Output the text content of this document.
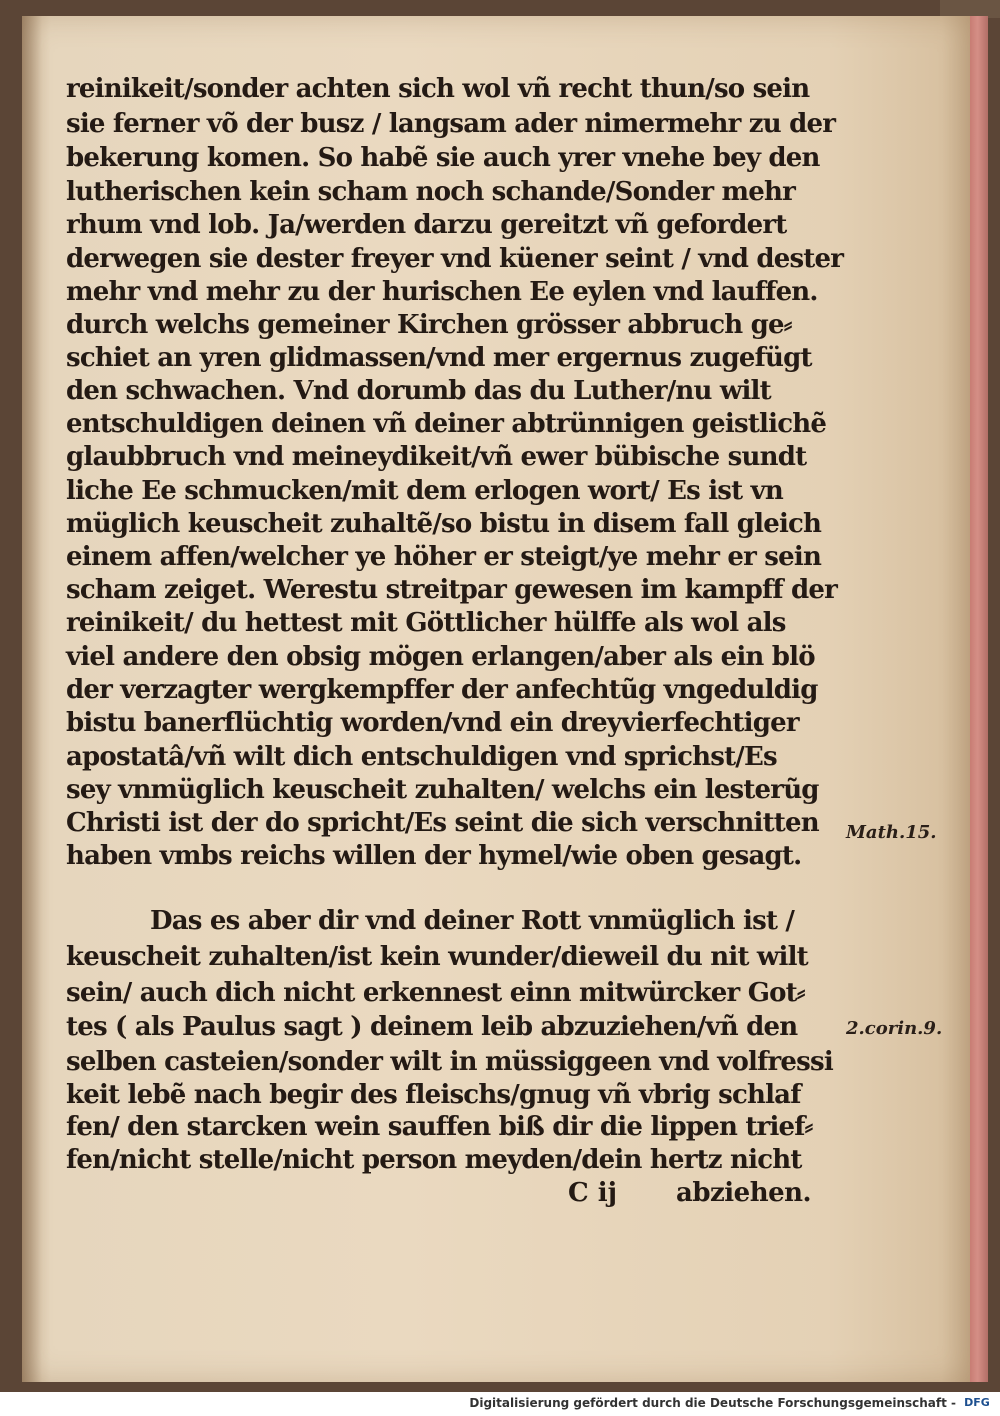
reinikeit/sonder achten sich wol vñ recht thun/so sein
sie ferner võ der busz / langsam ader nimermehr zu der
bekerung komen. So habẽ sie auch yrer vnehe bey den
lutherischen kein scham noch schande/Sonder mehr
rhum vnd lob. Ja/werden darzu gereitzt vñ gefordert
derwegen sie dester freyer vnd küener seint / vnd dester
mehr vnd mehr zu der hurischen Ee eylen vnd lauffen.
durch welchs gemeiner Kirchen grösser abbruch ge⸗
schiet an yren glidmassen/vnd mer ergernus zugefügt
den schwachen. Vnd dorumb das du Luther/nu wilt
entschuldigen deinen vñ deiner abtrünnigen geistlichẽ
glaubbruch vnd meineydikeit/vñ ewer bübische sundt
liche Ee schmucken/mit dem erlogen wort/ Es ist vn
müglich keuscheit zuhaltẽ/so bistu in disem fall gleich
einem affen/welcher ye höher er steigt/ye mehr er sein
scham zeiget. Werestu streitpar gewesen im kampff der
reinikeit/ du hettest mit Göttlicher hülffe als wol als
viel andere den obsig mögen erlangen/aber als ein blö
der verzagter wergkempffer der anfechtũg vngeduldig
bistu banerflüchtig worden/vnd ein dreyvierfechtiger
apostatâ/vñ wilt dich entschuldigen vnd sprichst/Es
sey vnmüglich keuscheit zuhalten/ welchs ein lesterũg
Christi ist der do spricht/Es seint die sich verschnitten
haben vmbs reichs willen der hymel/wie oben gesagt.
Das es aber dir vnd deiner Rott vnmüglich ist /
keuscheit zuhalten/ist kein wunder/dieweil du nit wilt
sein/ auch dich nicht erkennest einn mitwürcker Got⸗
tes ( als Paulus sagt ) deinem leib abzuziehen/vñ den
selben casteien/sonder wilt in müssiggeen vnd volfressi
keit lebẽ nach begir des fleischs/gnug vñ vbrig schlaf
fen/ den starcken wein sauffen biß dir die lippen trief⸗
fen/nicht stelle/nicht person meyden/dein hertz nicht
Math.15.
2.corin.9.
C ij abziehen.
Digitalisierung gefördert durch die Deutsche Forschungsgemeinschaft - DFG
